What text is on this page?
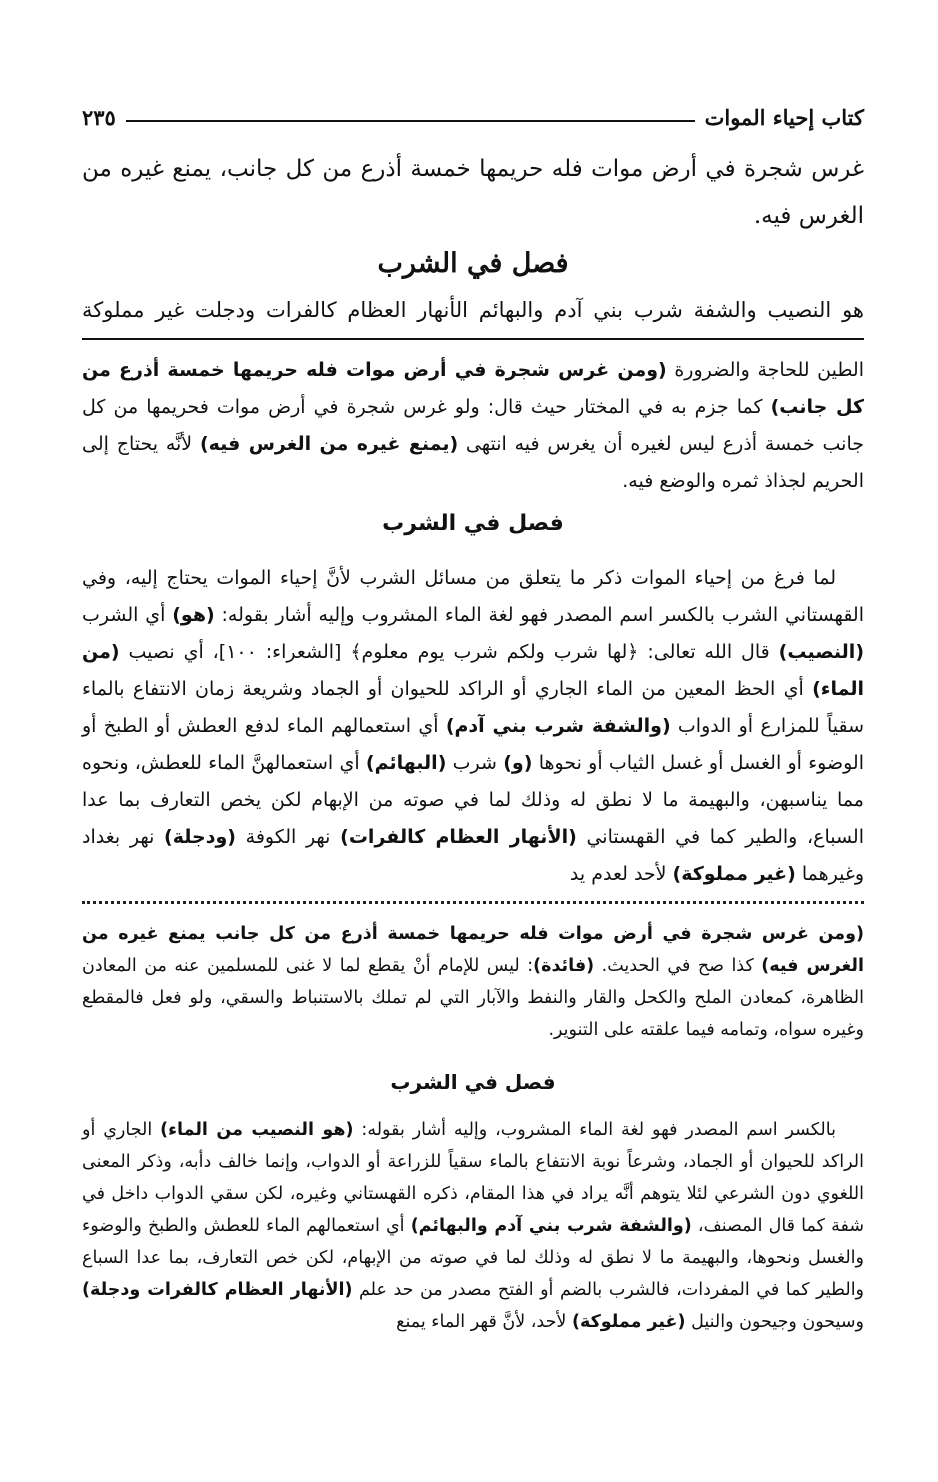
كتاب إحياء الموات
٢٣٥

غرس شجرة في أرض موات فله حريمها خمسة أذرع من كل جانب، يمنع غيره من الغرس فيه.

فصل في الشرب
هو النصيب والشفة شرب بني آدم والبهائم الأنهار العظام كالفرات ودجلت غير مملوكة

الطين للحاجة والضرورة (ومن غرس شجرة في أرض موات فله حريمها خمسة أذرع من كل جانب) كما جزم به في المختار حيث قال: ولو غرس شجرة في أرض موات فحريمها من كل جانب خمسة أذرع ليس لغيره أن يغرس فيه انتهى (يمنع غيره من الغرس فيه) لأنَّه يحتاج إلى الحريم لجذاذ ثمره والوضع فيه.

فصل في الشرب

لما فرغ من إحياء الموات ذكر ما يتعلق من مسائل الشرب لأنَّ إحياء الموات يحتاج إليه، وفي القهستاني الشرب بالكسر اسم المصدر فهو لغة الماء المشروب وإليه أشار بقوله: (هو) أي الشرب (النصيب) قال الله تعالى: ﴿لها شرب ولكم شرب يوم معلوم﴾ [الشعراء: ١٠٠]، أي نصيب (من الماء) أي الحظ المعين من الماء الجاري أو الراكد للحيوان أو الجماد وشريعة زمان الانتفاع بالماء سقياً للمزارع أو الدواب (والشفة شرب بني آدم) أي استعمالهم الماء لدفع العطش أو الطبخ أو الوضوء أو الغسل أو غسل الثياب أو نحوها (و) شرب (البهائم) أي استعمالهنَّ الماء للعطش، ونحوه مما يناسبهن، والبهيمة ما لا نطق له وذلك لما في صوته من الإبهام لكن يخص التعارف بما عدا السباع، والطير كما في القهستاني (الأنهار العظام كالفرات) نهر الكوفة (ودجلة) نهر بغداد وغيرهما (غير مملوكة) لأحد لعدم يد

(ومن غرس شجرة في أرض موات فله حريمها خمسة أذرع من كل جانب يمنع غيره من الغرس فيه) كذا صح في الحديث. (فائدة): ليس للإمام أنْ يقطع لما لا غنى للمسلمين عنه من المعادن الظاهرة، كمعادن الملح والكحل والقار والنفط والآبار التي لم تملك بالاستنباط والسقي، ولو فعل فالمقطع وغيره سواه، وتمامه فيما علقته على التنوير.

فصل في الشرب

بالكسر اسم المصدر فهو لغة الماء المشروب، وإليه أشار بقوله: (هو النصيب من الماء) الجاري أو الراكد للحيوان أو الجماد، وشرعاً نوبة الانتفاع بالماء سقياً للزراعة أو الدواب، وإنما خالف دأبه، وذكر المعنى اللغوي دون الشرعي لئلا يتوهم أنَّه يراد في هذا المقام، ذكره القهستاني وغيره، لكن سقي الدواب داخل في شفة كما قال المصنف، (والشفة شرب بني آدم والبهائم) أي استعمالهم الماء للعطش والطبخ والوضوء والغسل ونحوها، والبهيمة ما لا نطق له وذلك لما في صوته من الإبهام، لكن خص التعارف، بما عدا السباع والطير كما في المفردات، فالشرب بالضم أو الفتح مصدر من حد علم (الأنهار العظام كالفرات ودجلة) وسيحون وجيحون والنيل (غير مملوكة) لأحد، لأنَّ قهر الماء يمنع
